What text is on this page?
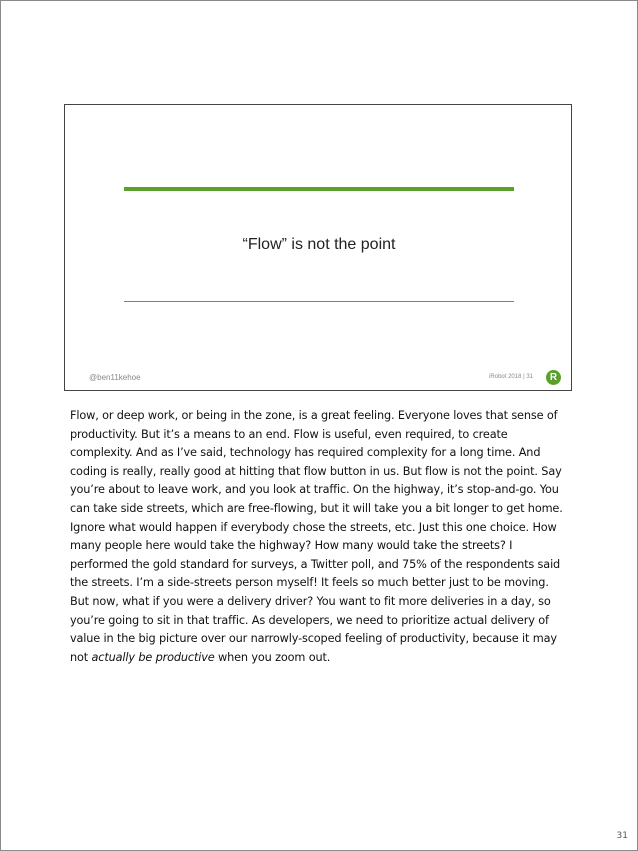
“Flow” is not the point
@ben11kehoe	iRobot 2018 | 31	R

Flow, or deep work, or being in the zone, is a great feeling. Everyone loves that sense of productivity. But it’s a means to an end. Flow is useful, even required, to create complexity. And as I’ve said, technology has required complexity for a long time. And coding is really, really good at hitting that flow button in us. But flow is not the point. Say you’re about to leave work, and you look at traffic. On the highway, it’s stop-and-go. You can take side streets, which are free-flowing, but it will take you a bit longer to get home. Ignore what would happen if everybody chose the streets, etc. Just this one choice. How many people here would take the highway? How many would take the streets? I performed the gold standard for surveys, a Twitter poll, and 75% of the respondents said the streets. I’m a side-streets person myself! It feels so much better just to be moving. But now, what if you were a delivery driver? You want to fit more deliveries in a day, so you’re going to sit in that traffic. As developers, we need to prioritize actual delivery of value in the big picture over our narrowly-scoped feeling of productivity, because it may not actually be productive when you zoom out.

31
